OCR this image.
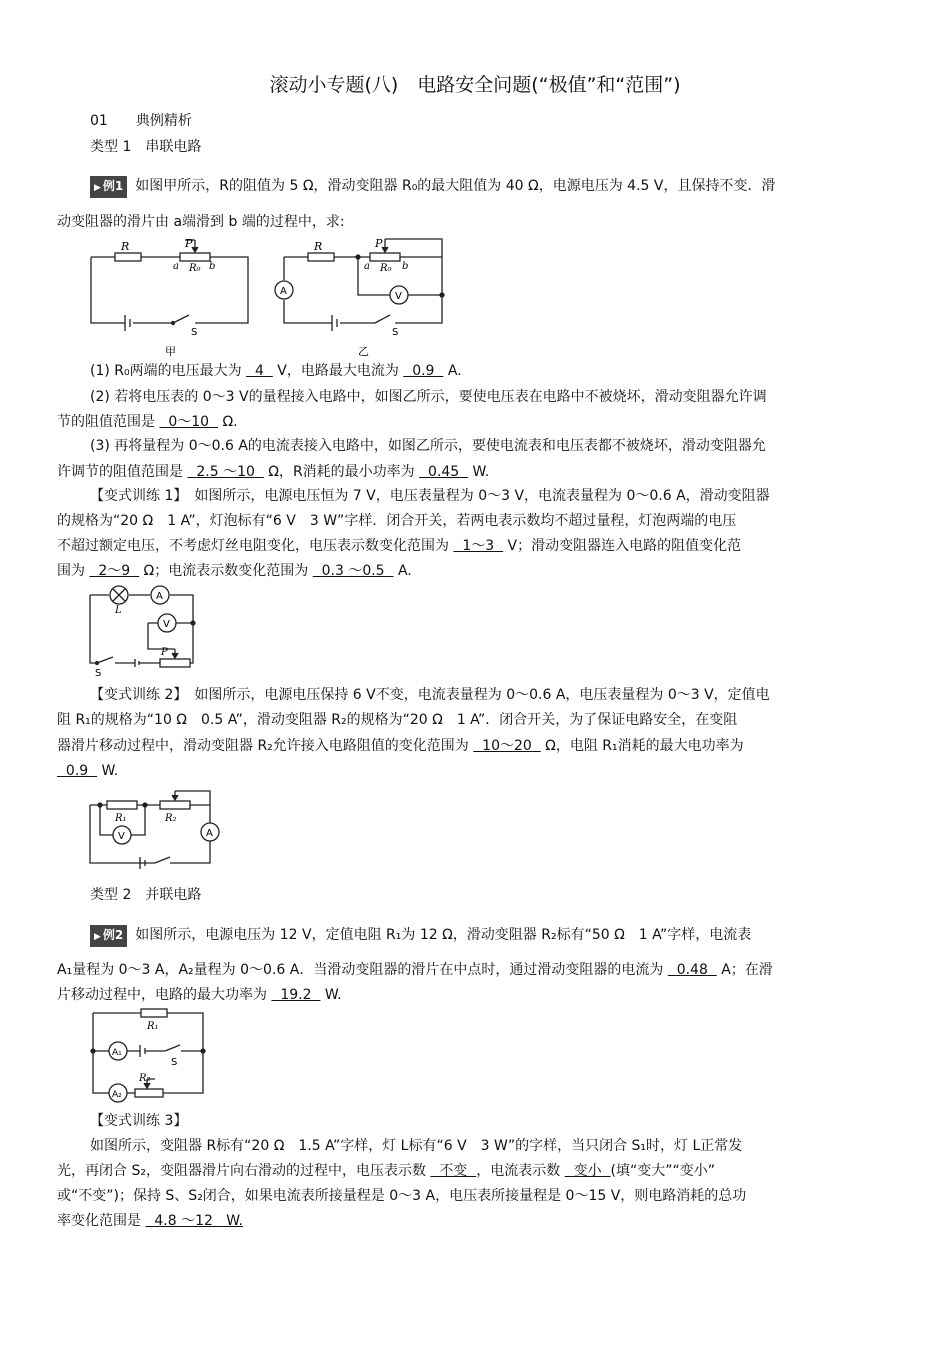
滚动小专题(八)　电路安全问题(“极值”和“范围”)
01   典例精析
类型 1　串联电路
▶ 例1 如图甲所示，R的阻值为 5 Ω，滑动变阻器 R₀的最大阻值为 40 Ω，电源电压为 4.5 V，且保持不变．滑
动变阻器的滑片由 a端滑到 b 端的过程中，求:
R	P
a R₀ b
S
甲
A	V
R	P
a R₀ b
S
乙
(1) R₀两端的电压最大为   4   V，电路最大电流为   0.9   A.
(2) 若将电压表的 0～3 V的量程接入电路中，如图乙所示，要使电压表在电路中不被烧坏，滑动变阻器允许调
节的阻值范围是   0～10   Ω.
(3) 再将量程为 0～0.6 A的电流表接入电路中，如图乙所示，要使电流表和电压表都不被烧坏，滑动变阻器允
许调节的阻值范围是   2.5 ～10   Ω，R消耗的最小功率为   0.45   W.
【变式训练 1】　如图所示，电源电压恒为 7 V，电压表量程为 0～3 V，电流表量程为 0～0.6 A，滑动变阻器
的规格为“20 Ω　1 A”，灯泡标有“6 V　3 W”字样．闭合开关，若两电表示数均不超过量程，灯泡两端的电压
不超过额定电压，不考虑灯丝电阻变化，电压表示数变化范围为   1～3   V；滑动变阻器连入电路的阻值变化范
围为   2～9   Ω；电流表示数变化范围为   0.3 ～0.5   A.
L
A
V
P
S
【变式训练 2】　如图所示，电源电压保持 6 V不变，电流表量程为 0～0.6 A，电压表量程为 0～3 V，定值电
阻 R₁的规格为“10 Ω　0.5 A”，滑动变阻器 R₂的规格为“20 Ω　1 A”．闭合开关，为了保证电路安全，在变阻
器滑片移动过程中，滑动变阻器 R₂允许接入电路阻值的变化范围为   10～20   Ω，电阻 R₁消耗的最大电功率为
0.9   W.
R₁	R₂
V	A
类型 2　并联电路
▶ 例2 如图所示，电源电压为 12 V，定值电阻 R₁为 12 Ω，滑动变阻器 R₂标有“50 Ω　1 A”字样，电流表
A₁量程为 0～3 A，A₂量程为 0～0.6 A．当滑动变阻器的滑片在中点时，通过滑动变阻器的电流为   0.48   A；在滑
片移动过程中，电路的最大功率为   19.2   W.
R₁
A₁
A₂
S
R₂
【变式训练 3】
如图所示，变阻器 R标有“20 Ω　1.5 A”字样，灯 L标有“6 V　3 W”的字样，当只闭合 S₁时，灯 L正常发
光，再闭合 S₂，变阻器滑片向右滑动的过程中，电压表示数   不变 ，电流表示数   变小 (填“变大”“变小”
或“不变”)；保持 S、S₂闭合，如果电流表所接量程是 0～3 A，电压表所接量程是 0～15 V，则电路消耗的总功
率变化范围是   4.8 ～12   W.
